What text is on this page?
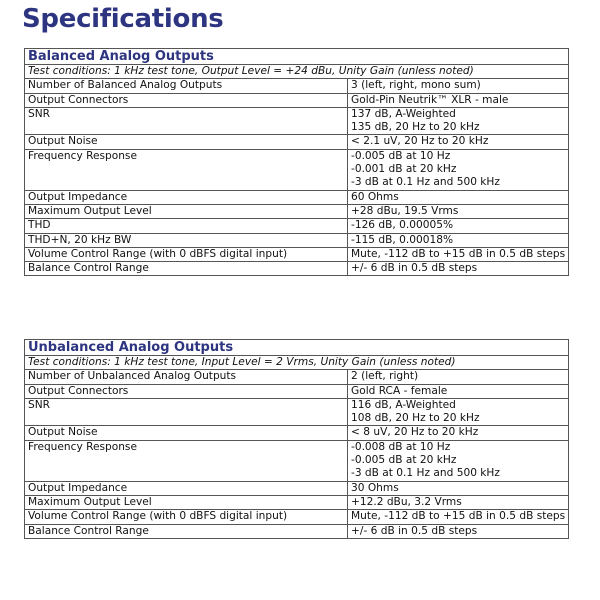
Specifications
Balanced Analog Outputs	

Test conditions: 1 kHz test tone, Output Level = +24 dBu, Unity Gain (unless noted)	
Number of Balanced Analog Outputs	3 (left, right, mono sum)

Output Connectors	Gold-Pin Neutrik™ XLR - male

SNR	137 dB, A-Weighted
135 dB, 20 Hz to 20 kHz

Output Noise	< 2.1 uV, 20 Hz to 20 kHz

Frequency Response	-0.005 dB at 10 Hz
-0.001 dB at 20 kHz
-3 dB at 0.1 Hz and 500 kHz

Output Impedance	60 Ohms

Maximum Output Level	+28 dBu, 19.5 Vrms

THD	-126 dB, 0.00005%

THD+N, 20 kHz BW	-115 dB, 0.00018%

Volume Control Range (with 0 dBFS digital input)	Mute, -112 dB to +15 dB in 0.5 dB steps

Balance Control Range	+/- 6 dB in 0.5 dB steps
Unbalanced Analog Outputs	

Test conditions: 1 kHz test tone, Input Level = 2 Vrms, Unity Gain (unless noted)	
Number of Unbalanced Analog Outputs	2 (left, right)

Output Connectors	Gold RCA - female

SNR	116 dB, A-Weighted
108 dB, 20 Hz to 20 kHz

Output Noise	< 8 uV, 20 Hz to 20 kHz

Frequency Response	-0.008 dB at 10 Hz
-0.005 dB at 20 kHz
-3 dB at 0.1 Hz and 500 kHz

Output Impedance	30 Ohms

Maximum Output Level	+12.2 dBu, 3.2 Vrms

Volume Control Range (with 0 dBFS digital input)	Mute, -112 dB to +15 dB in 0.5 dB steps

Balance Control Range	+/- 6 dB in 0.5 dB steps
